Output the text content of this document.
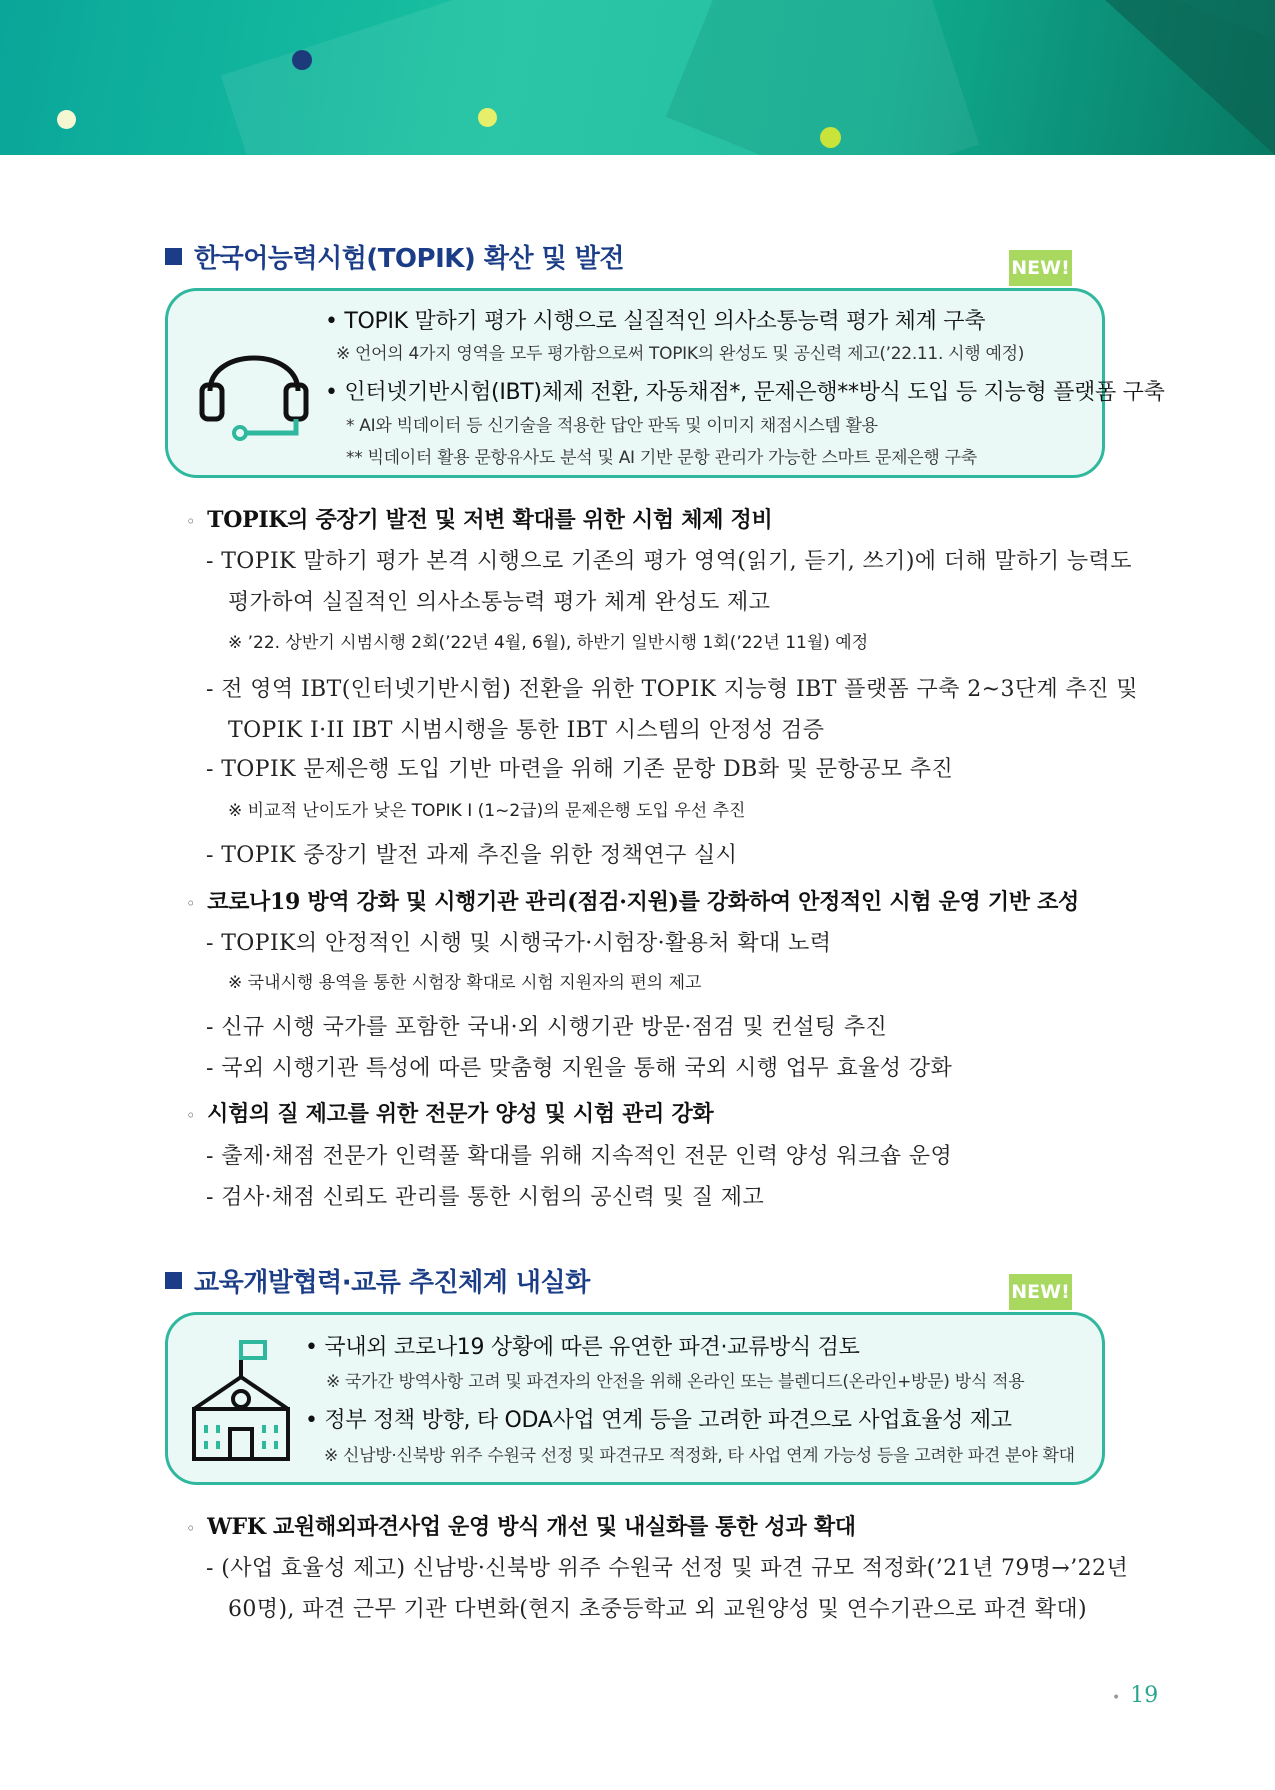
한국어능력시험(TOPIK) 확산 및 발전	NEW!
• TOPIK 말하기 평가 시행으로 실질적인 의사소통능력 평가 체계 구축
※ 언어의 4가지 영역을 모두 평가함으로써 TOPIK의 완성도 및 공신력 제고(’22.11. 시행 예정)
• 인터넷기반시험(IBT)체제 전환, 자동채점*, 문제은행**방식 도입 등 지능형 플랫폼 구축
* AI와 빅데이터 등 신기술을 적용한 답안 판독 및 이미지 채점시스템 활용
** 빅데이터 활용 문항유사도 분석 및 AI 기반 문항 관리가 가능한 스마트 문제은행 구축
◦ TOPIK의 중장기 발전 및 저변 확대를 위한 시험 체제 정비
- TOPIK 말하기 평가 본격 시행으로 기존의 평가 영역(읽기, 듣기, 쓰기)에 더해 말하기 능력도
평가하여 실질적인 의사소통능력 평가 체계 완성도 제고
※ ’22. 상반기 시범시행 2회(’22년 4월, 6월), 하반기 일반시행 1회(’22년 11월) 예정
- 전 영역 IBT(인터넷기반시험) 전환을 위한 TOPIK 지능형 IBT 플랫폼 구축 2~3단계 추진 및
TOPIK I·II IBT 시범시행을 통한 IBT 시스템의 안정성 검증
- TOPIK 문제은행 도입 기반 마련을 위해 기존 문항 DB화 및 문항공모 추진
※ 비교적 난이도가 낮은 TOPIK I (1~2급)의 문제은행 도입 우선 추진
- TOPIK 중장기 발전 과제 추진을 위한 정책연구 실시
◦ 코로나19 방역 강화 및 시행기관 관리(점검·지원)를 강화하여 안정적인 시험 운영 기반 조성
- TOPIK의 안정적인 시행 및 시행국가·시험장·활용처 확대 노력
※ 국내시행 용역을 통한 시험장 확대로 시험 지원자의 편의 제고
- 신규 시행 국가를 포함한 국내·외 시행기관 방문·점검 및 컨설팅 추진
- 국외 시행기관 특성에 따른 맞춤형 지원을 통해 국외 시행 업무 효율성 강화
◦ 시험의 질 제고를 위한 전문가 양성 및 시험 관리 강화
- 출제·채점 전문가 인력풀 확대를 위해 지속적인 전문 인력 양성 워크숍 운영
- 검사·채점 신뢰도 관리를 통한 시험의 공신력 및 질 제고
교육개발협력·교류 추진체계 내실화	NEW!
• 국내외 코로나19 상황에 따른 유연한 파견·교류방식 검토
※ 국가간 방역사항 고려 및 파견자의 안전을 위해 온라인 또는 블렌디드(온라인+방문) 방식 적용
• 정부 정책 방향, 타 ODA사업 연계 등을 고려한 파견으로 사업효율성 제고
※ 신남방·신북방 위주 수원국 선정 및 파견규모 적정화, 타 사업 연계 가능성 등을 고려한 파견 분야 확대
◦ WFK 교원해외파견사업 운영 방식 개선 및 내실화를 통한 성과 확대
- (사업 효율성 제고) 신남방·신북방 위주 수원국 선정 및 파견 규모 적정화(’21년 79명→’22년
60명), 파견 근무 기관 다변화(현지 초중등학교 외 교원양성 및 연수기관으로 파견 확대)
• 19
